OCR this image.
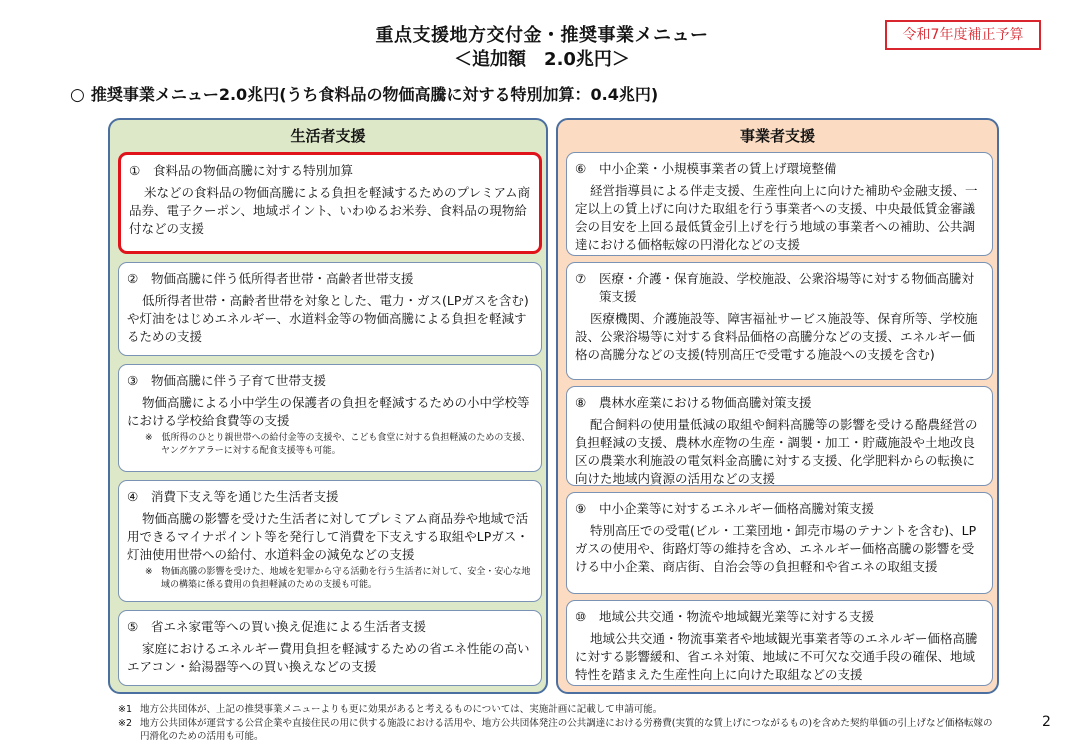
重点支援地方交付金・推奨事業メニュー
＜追加額　2.0兆円＞
令和7年度補正予算
○ 推奨事業メニュー2.0兆円(うち食料品の物価高騰に対する特別加算：0.4兆円)
生活者支援
①	食料品の物価高騰に対する特別加算
米などの食料品の物価高騰による負担を軽減するためのプレミアム商品券、電子クーポン、地域ポイント、いわゆるお米券、食料品の現物給付などの支援
②	物価高騰に伴う低所得者世帯・高齢者世帯支援
低所得者世帯・高齢者世帯を対象とした、電力・ガス(LPガスを含む)や灯油をはじめエネルギー、水道料金等の物価高騰による負担を軽減するための支援
③	物価高騰に伴う子育て世帯支援
物価高騰による小中学生の保護者の負担を軽減するための小中学校等における学校給食費等の支援
※　低所得のひとり親世帯への給付金等の支援や、こども食堂に対する負担軽減のための支援、ヤングケアラーに対する配食支援等も可能。
④	消費下支え等を通じた生活者支援
物価高騰の影響を受けた生活者に対してプレミアム商品券や地域で活用できるマイナポイント等を発行して消費を下支えする取組やLPガス・灯油使用世帯への給付、水道料金の減免などの支援
※　物価高騰の影響を受けた、地域を犯罪から守る活動を行う生活者に対して、安全・安心な地域の構築に係る費用の負担軽減のための支援も可能。
⑤	省エネ家電等への買い換え促進による生活者支援
家庭におけるエネルギー費用負担を軽減するための省エネ性能の高いエアコン・給湯器等への買い換えなどの支援
事業者支援
⑥	中小企業・小規模事業者の賃上げ環境整備
経営指導員による伴走支援、生産性向上に向けた補助や金融支援、一定以上の賃上げに向けた取組を行う事業者への支援、中央最低賃金審議会の目安を上回る最低賃金引上げを行う地域の事業者への補助、公共調達における価格転嫁の円滑化などの支援
⑦	医療・介護・保育施設、学校施設、公衆浴場等に対する物価高騰対策支援
医療機関、介護施設等、障害福祉サービス施設等、保育所等、学校施設、公衆浴場等に対する食料品価格の高騰分などの支援、エネルギー価格の高騰分などの支援(特別高圧で受電する施設への支援を含む)
⑧	農林水産業における物価高騰対策支援
配合飼料の使用量低減の取組や飼料高騰等の影響を受ける酪農経営の負担軽減の支援、農林水産物の生産・調製・加工・貯蔵施設や土地改良区の農業水利施設の電気料金高騰に対する支援、化学肥料からの転換に向けた地域内資源の活用などの支援
⑨	中小企業等に対するエネルギー価格高騰対策支援
特別高圧での受電(ビル・工業団地・卸売市場のテナントを含む)、LPガスの使用や、街路灯等の維持を含め、エネルギー価格高騰の影響を受ける中小企業、商店街、自治会等の負担軽和や省エネの取組支援
⑩	地域公共交通・物流や地域観光業等に対する支援
地域公共交通・物流事業者や地域観光事業者等のエネルギー価格高騰に対する影響緩和、省エネ対策、地域に不可欠な交通手段の確保、地域特性を踏まえた生産性向上に向けた取組などの支援
※1 地方公共団体が、上記の推奨事業メニューよりも更に効果があると考えるものについては、実施計画に記載して申請可能。
※2 地方公共団体が運営する公営企業や直接住民の用に供する施設における活用や、地方公共団体発注の公共調達における労務費(実質的な賃上げにつながるもの)を含めた契約単価の引上げなど価格転嫁の円滑化のための活用も可能。
2
